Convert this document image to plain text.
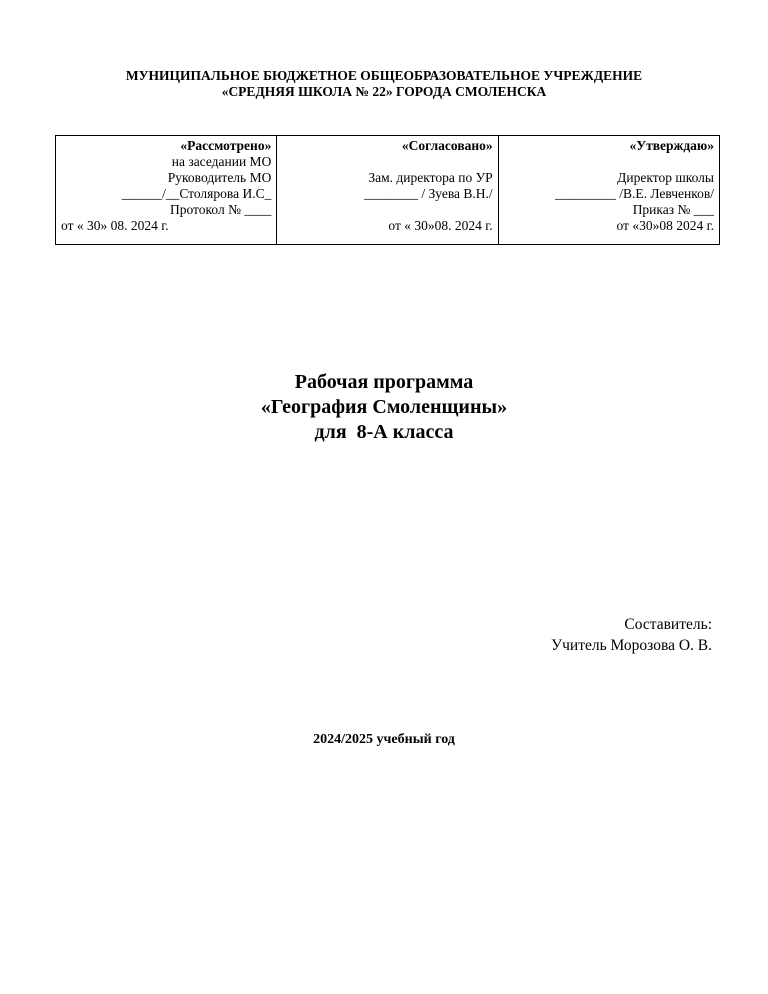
МУНИЦИПАЛЬНОЕ БЮДЖЕТНОЕ ОБЩЕОБРАЗОВАТЕЛЬНОЕ УЧРЕЖДЕНИЕ
«СРЕДНЯЯ ШКОЛА № 22» ГОРОДА СМОЛЕНСКА
«Рассмотрено»
на заседании МО
Руководитель МО
______/__Столярова И.С_
Протокол № ____
от « 30» 08. 2024 г.
«Согласовано»
Зам. директора по УР
________ / Зуева В.Н./
от « 30»08. 2024 г.
«Утверждаю»
Директор школы
_________ /В.Е. Левченков/
Приказ № ___
от «30»08 2024 г.
Рабочая программа
«География Смоленщины»
для  8-А класса
Составитель:
Учитель Морозова О. В.
2024/2025 учебный год
